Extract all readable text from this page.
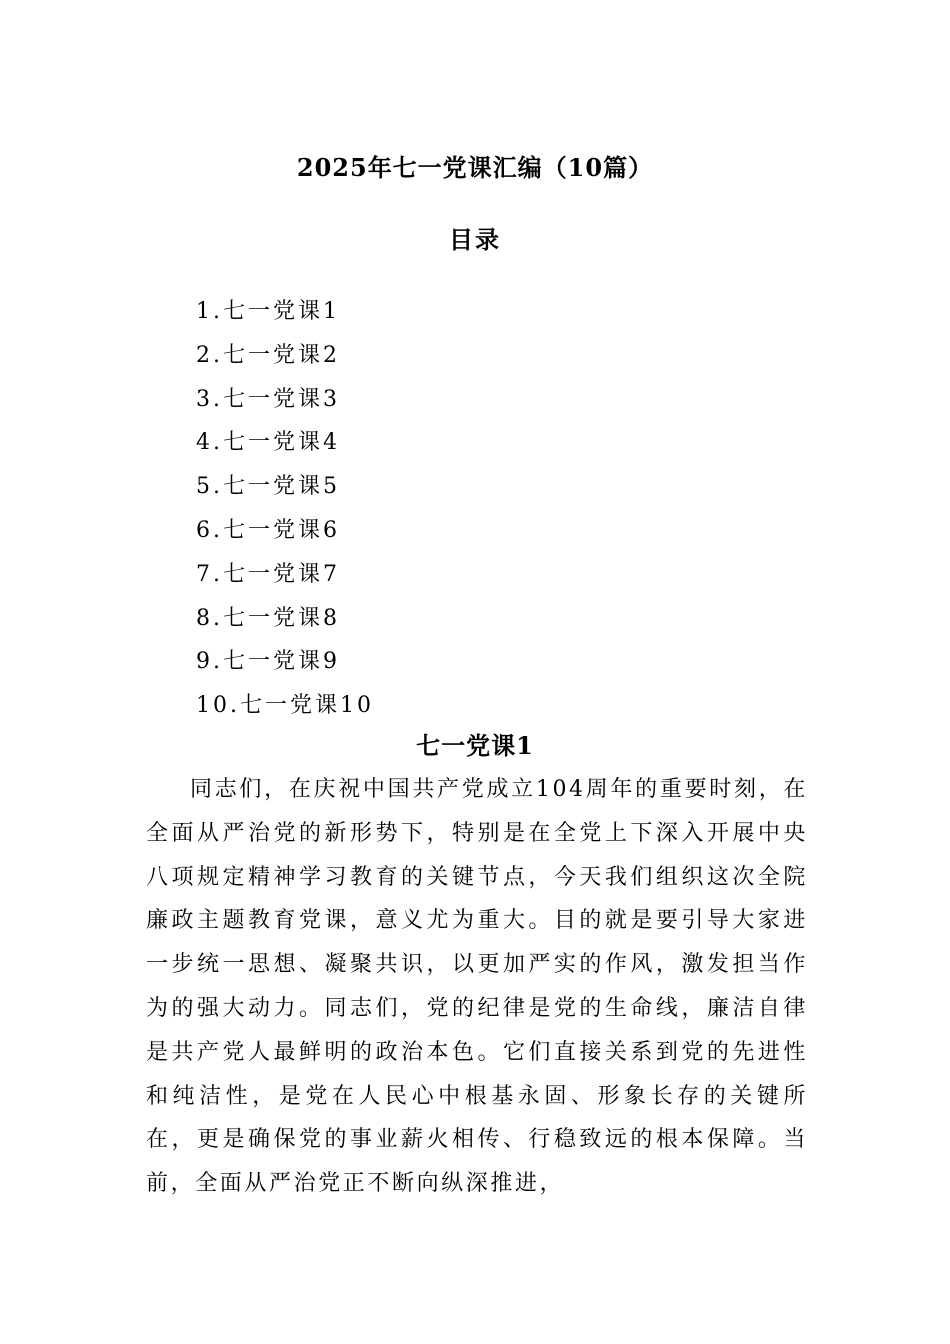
2025年七一党课汇编（10篇）
目录
1.七一党课1
2.七一党课2
3.七一党课3
4.七一党课4
5.七一党课5
6.七一党课6
7.七一党课7
8.七一党课8
9.七一党课9
10.七一党课10
七一党课1

同志们，在庆祝中国共产党成立104周年的重要时刻，在全面从严治党的新形势下，特别是在全党上下深入开展中央八项规定精神学习教育的关键节点，今天我们组织这次全院廉政主题教育党课，意义尤为重大。目的就是要引导大家进一步统一思想、凝聚共识，以更加严实的作风，激发担当作为的强大动力。同志们，党的纪律是党的生命线，廉洁自律是共产党人最鲜明的政治本色。它们直接关系到党的先进性和纯洁性，是党在人民心中根基永固、形象长存的关键所在，更是确保党的事业薪火相传、行稳致远的根本保障。当前，全面从严治党正不断向纵深推进，
